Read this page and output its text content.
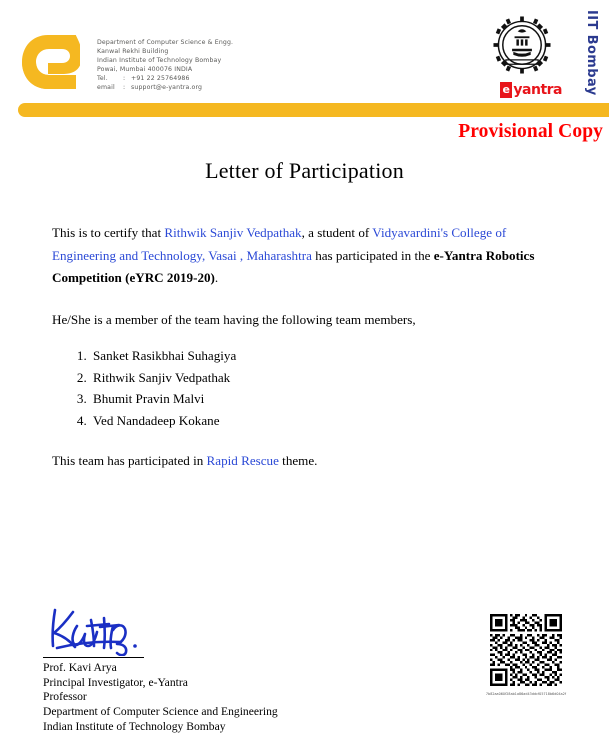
Department of Computer Science & Engg.
Kanwal Rekhi Building
Indian Institute of Technology Bombay
Powai, Mumbai 400076 INDIA
Tel. : +91 22 25764986
email : support@e-yantra.org	IIT Bombay
e yantra
Provisional Copy
Letter of Participation

This is to certify that Rithwik Sanjiv Vedpathak, a student of Vidyavardini's College of Engineering and Technology, Vasai , Maharashtra has participated in the e-Yantra Robotics Competition (eYRC 2019-20).

He/She is a member of the team having the following team members,

1. Sanket Rasikbhai Suhagiya
2. Rithwik Sanjiv Vedpathak
3. Bhumit Pravin Malvi
4. Ved Nandadeep Kokane

This team has participated in Rapid Rescue theme.

Prof. Kavi Arya
Principal Investigator, e-Yantra
Professor
Department of Computer Science and Engineering
Indian Institute of Technology Bombay
7b82aa060f28ab1a86ad43ddcf05718b6d04a2f
